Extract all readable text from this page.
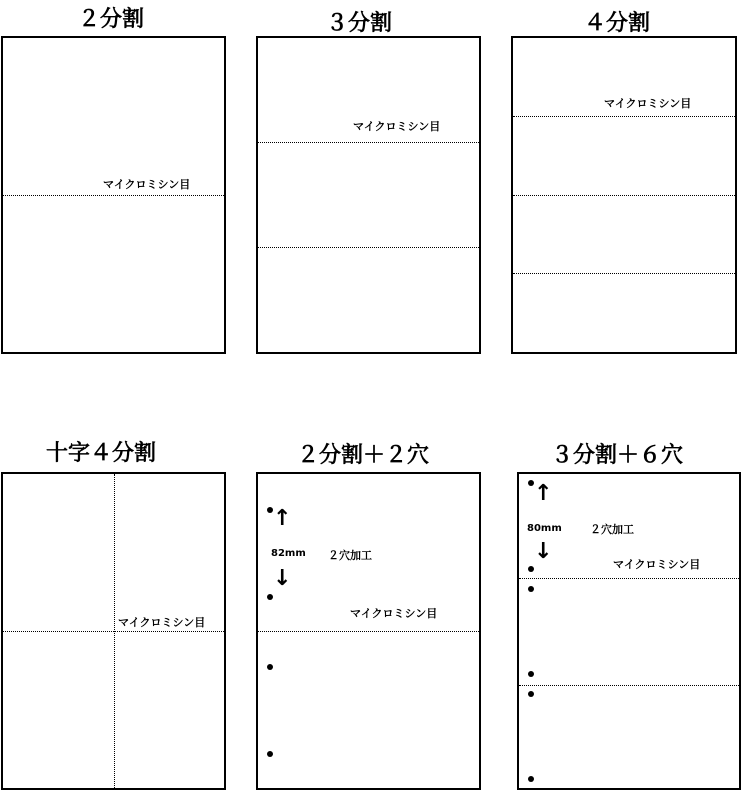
２分割
マイクロミシン目
３分割
マイクロミシン目
４分割
マイクロミシン目
十字４分割
マイクロミシン目
２分割＋２穴
↑
82mm
↓
２穴加工
マイクロミシン目
３分割＋６穴
↑
80mm
↓
２穴加工
マイクロミシン目
